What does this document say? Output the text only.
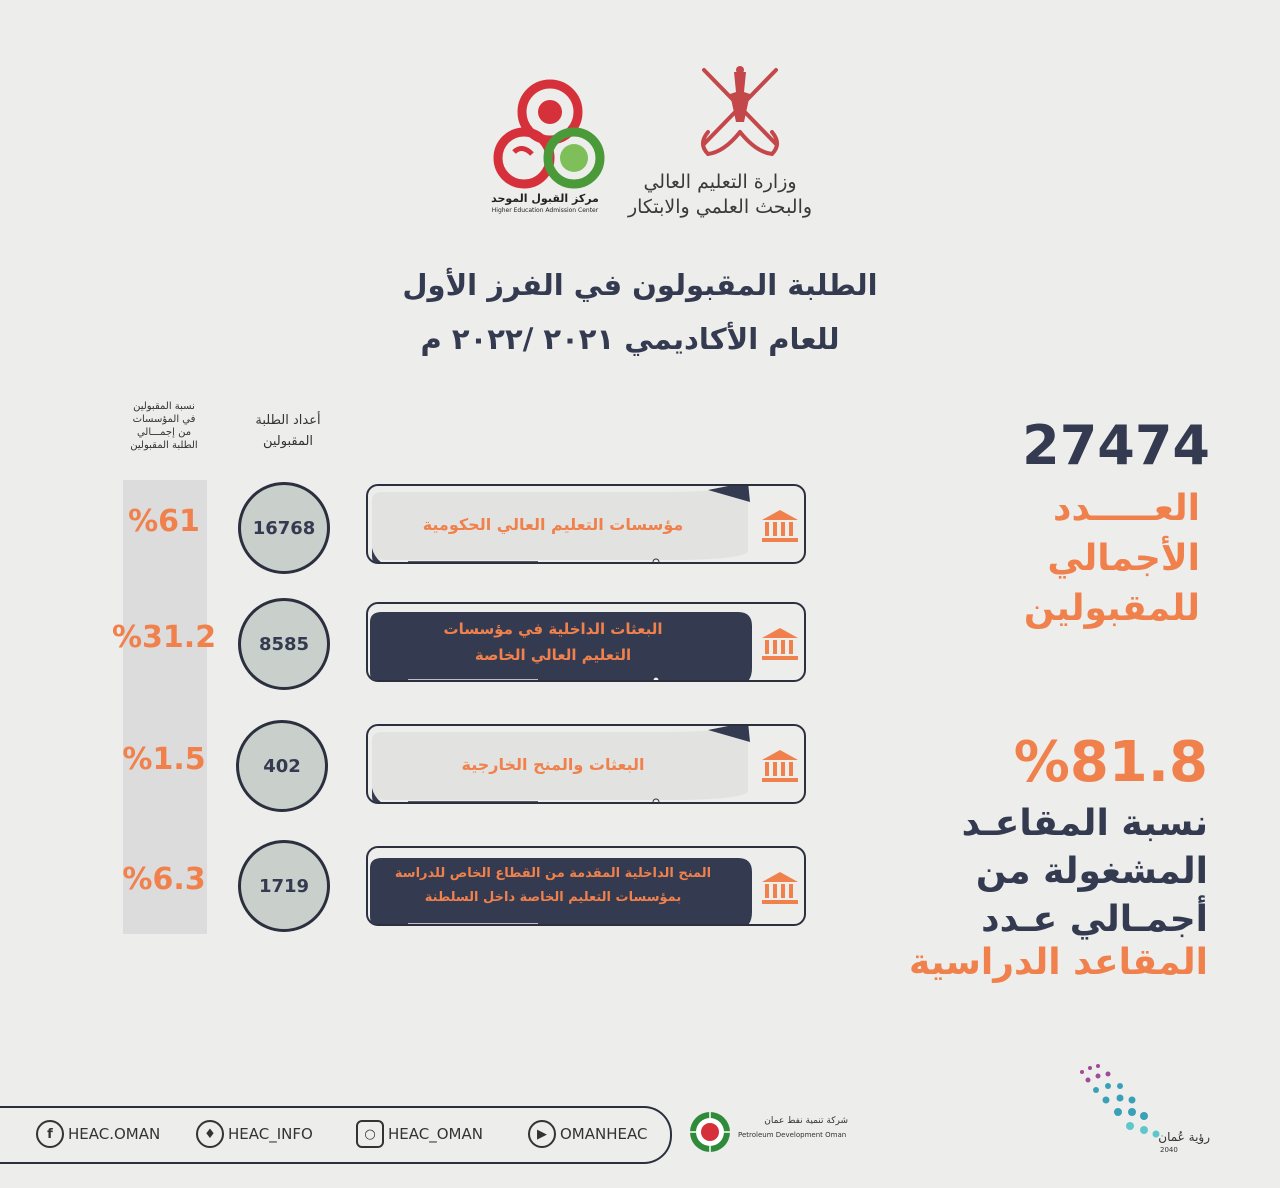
وزارة التعليم العالي
والبحث العلمي والابتكار
مركز القبول الموحد
Higher Education Admission Center
الطلبة المقبولون في الفرز الأول
للعام الأكاديمي ٢٠٢١ /٢٠٢٢ م
نسبة المقبولين
في المؤسسات
من إجمـــالي
الطلبة المقبولين
أعداد الطلبة
المقبولين
%61	16768	مؤسسات التعليم العالي الحكومية
%31.2 8585
البعثات الداخلية في مؤسسات
التعليم العالي الخاصة
%1.5	402	البعثات والمنح الخارجية
%6.3	1719
المنح الداخلية المقدمة من القطاع الخاص للدراسة
بمؤسسات التعليم الخاصة داخل السلطنة
27474
العـــــدد
الأجمالي
للمقبولين
%81.8
نسبة المقاعـد
المشغولة من
أجمـالي عـدد
المقاعد الدراسية
f	HEAC.OMAN	♦ HEAC_INFO	○ HEAC_OMAN	▶ OMANHEAC
شركة تنمية نفط عمان
Petroleum Development Oman	رؤية عُمان
2040
